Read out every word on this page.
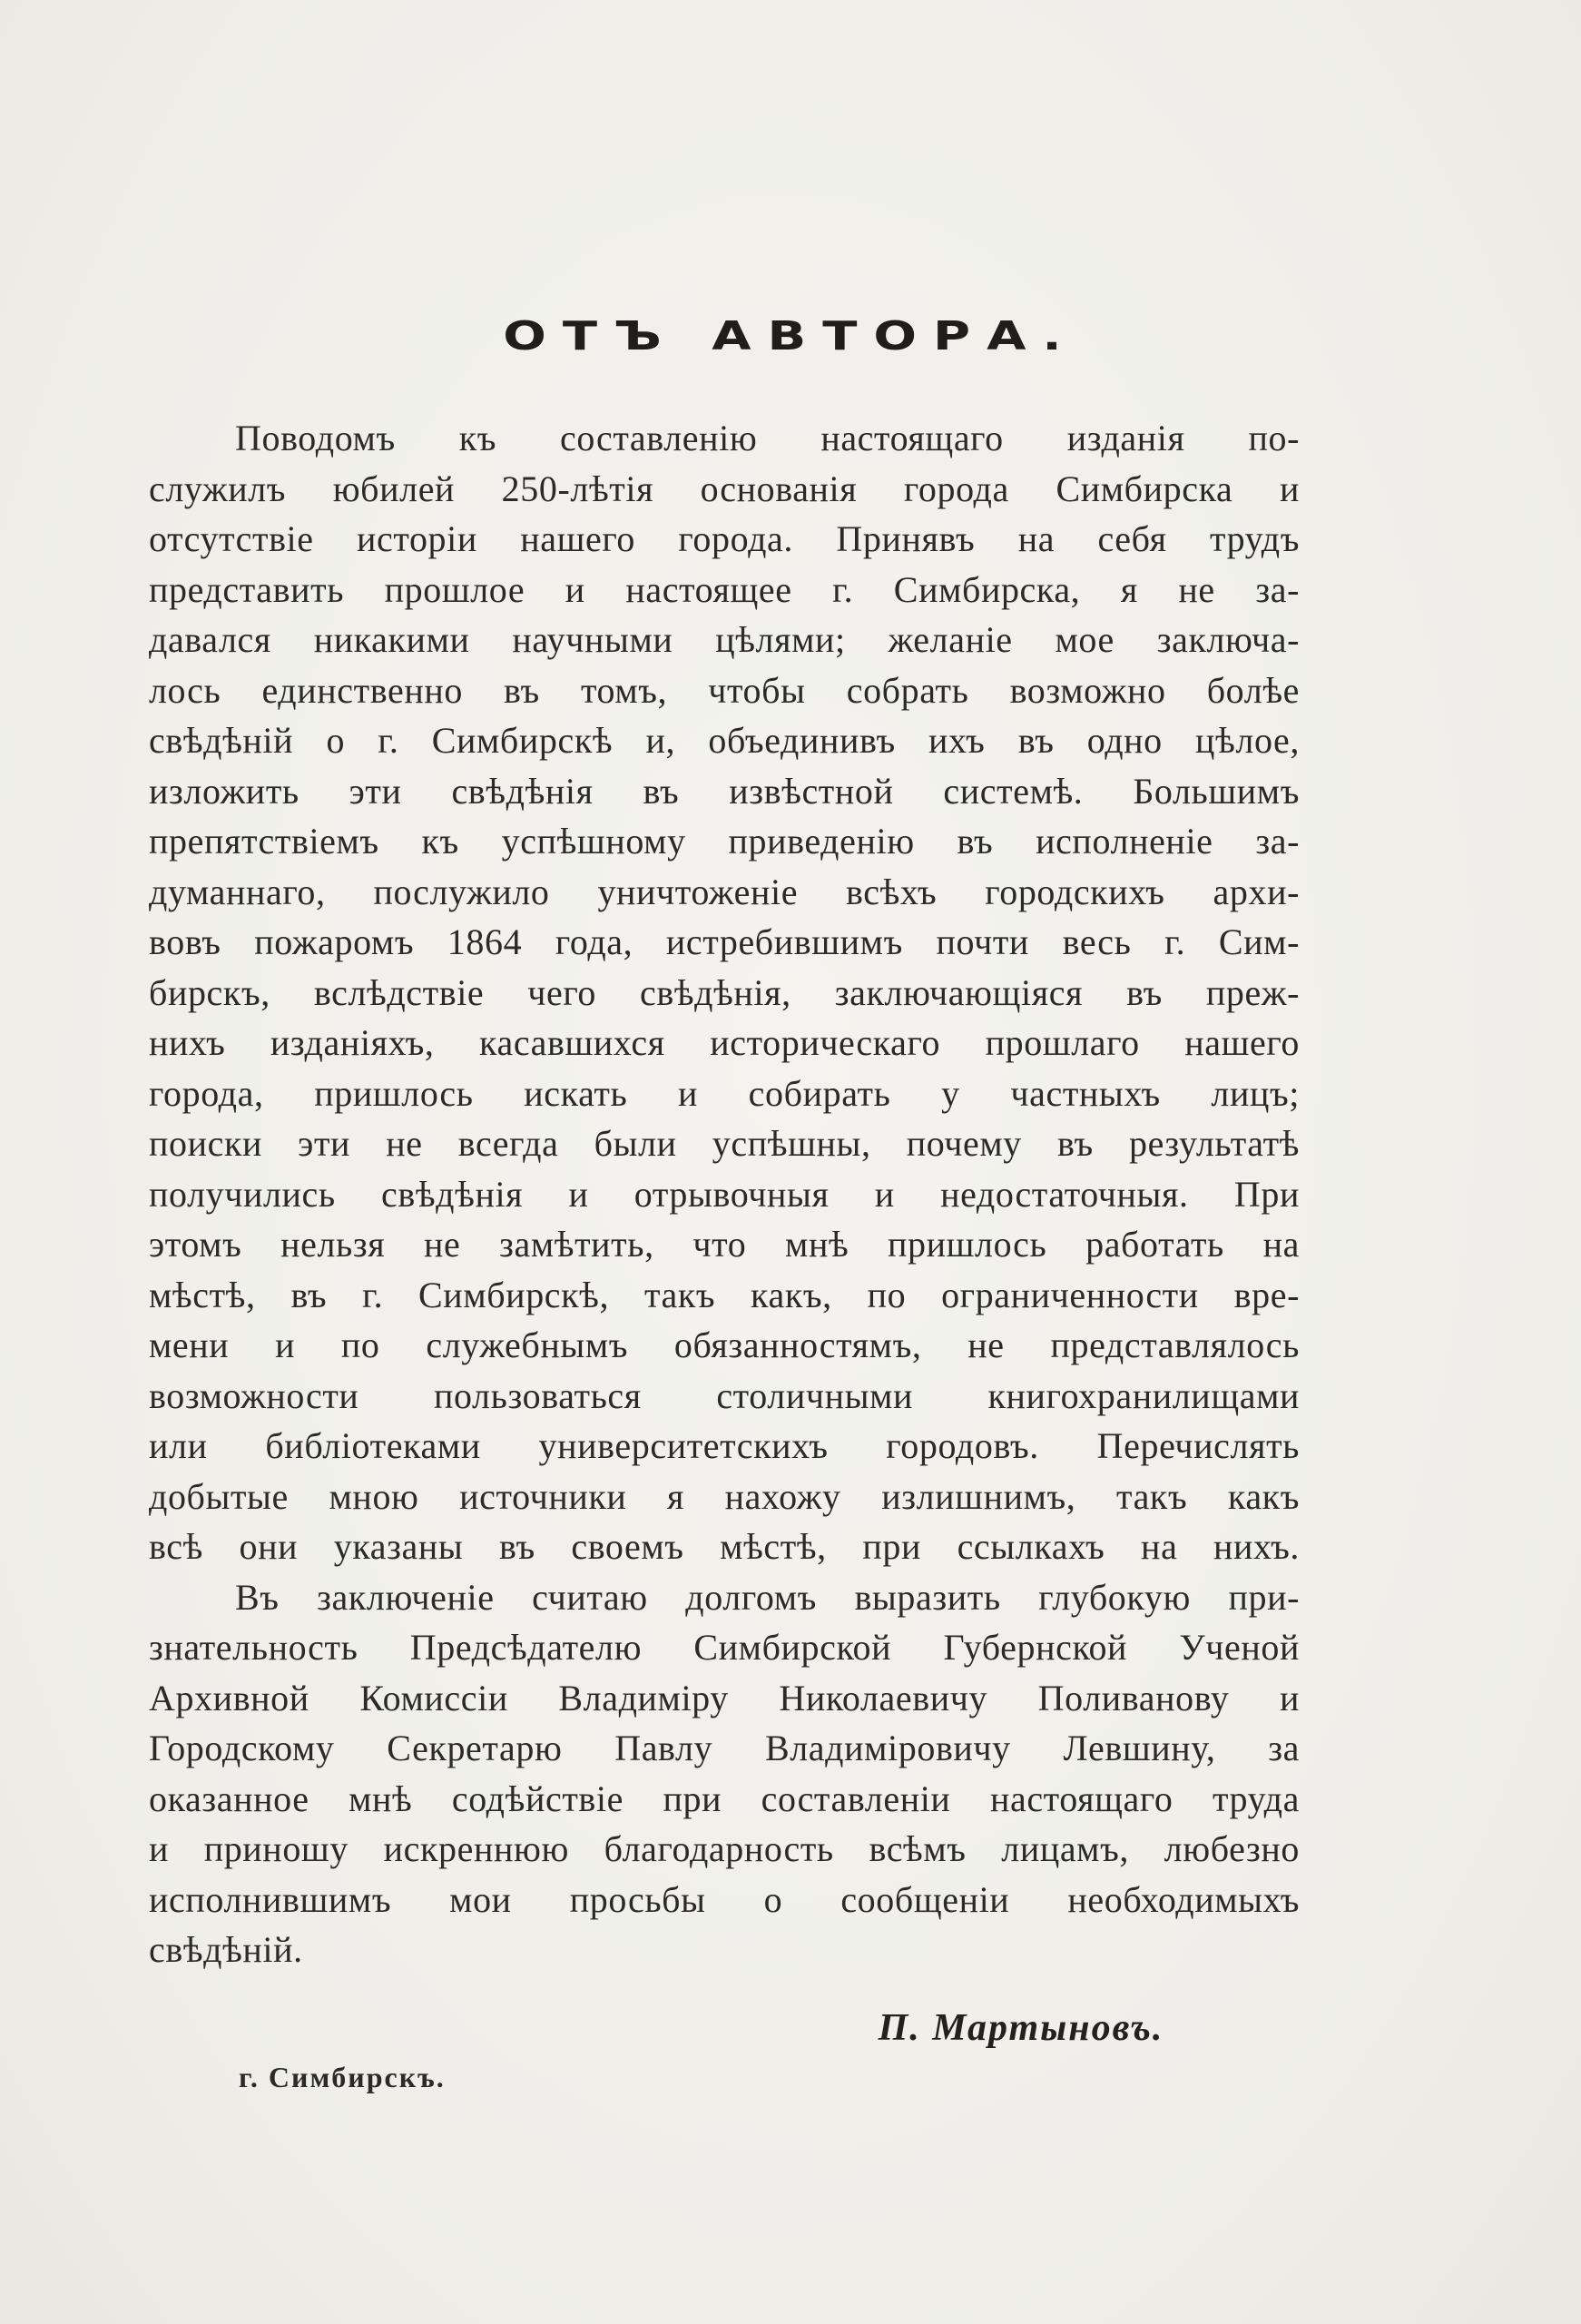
ОТЪ АВТОРА.
Поводомъ къ составленію настоящаго изданія по-
служилъ юбилей 250-лѣтія основанія города Симбирска и
отсутствіе исторіи нашего города. Принявъ на себя трудъ
представить прошлое и настоящее г. Симбирска, я не за-
давался никакими научными цѣлями; желаніе мое заключа-
лось единственно въ томъ, чтобы собрать возможно болѣе
свѣдѣній о г. Симбирскѣ и, объединивъ ихъ въ одно цѣлое,
изложить эти свѣдѣнія въ извѣстной системѣ. Большимъ
препятствіемъ къ успѣшному приведенію въ исполненіе за-
думаннаго, послужило уничтоженіе всѣхъ городскихъ архи-
вовъ пожаромъ 1864 года, истребившимъ почти весь г. Сим-
бирскъ, вслѣдствіе чего свѣдѣнія, заключающіяся въ преж-
нихъ изданіяхъ, касавшихся историческаго прошлаго нашего
города, пришлось искать и собирать у частныхъ лицъ;
поиски эти не всегда были успѣшны, почему въ результатѣ
получились свѣдѣнія и отрывочныя и недостаточныя. При
этомъ нельзя не замѣтить, что мнѣ пришлось работать на
мѣстѣ, въ г. Симбирскѣ, такъ какъ, по ограниченности вре-
мени и по служебнымъ обязанностямъ, не представлялось
возможности пользоваться столичными книгохранилищами
или библіотеками университетскихъ городовъ. Перечислять
добытые мною источники я нахожу излишнимъ, такъ какъ
всѣ они указаны въ своемъ мѣстѣ, при ссылкахъ на нихъ.
Въ заключеніе считаю долгомъ выразить глубокую при-
знательность Предсѣдателю Симбирской Губернской Ученой
Архивной Комиссіи Владиміру Николаевичу Поливанову и
Городскому Секретарю Павлу Владиміровичу Левшину, за
оказанное мнѣ содѣйствіе при составленіи настоящаго труда
и приношу искреннюю благодарность всѣмъ лицамъ, любезно
исполнившимъ мои просьбы о сообщеніи необходимыхъ
свѣдѣній.
П. Мартыновъ.
г. Симбирскъ.
